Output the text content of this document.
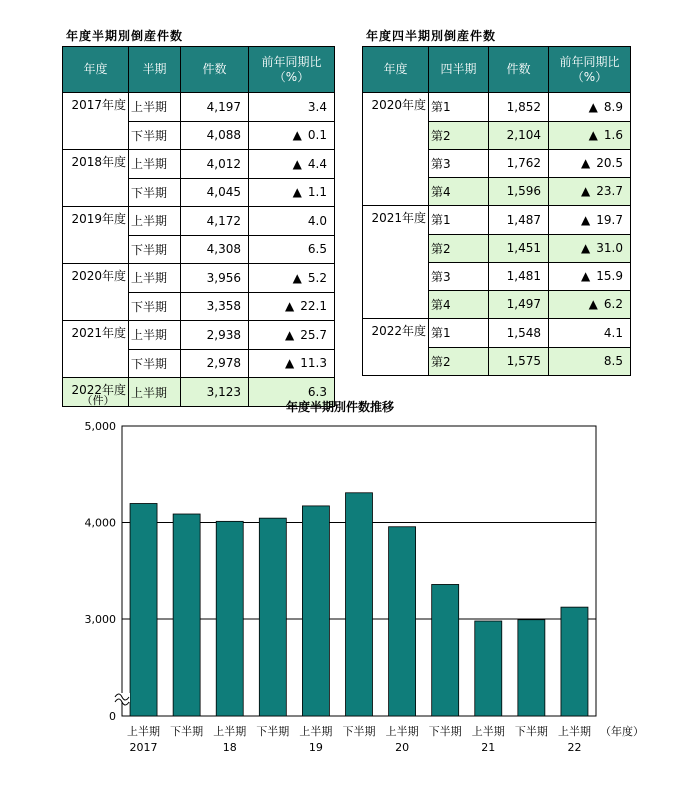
年度半期別倒産件数
年度	半期	件数	前年同期比
（%）
2017年度	上半期	4,197	3.4
	下半期	4,088	▲ 0.1
2018年度	上半期	4,012	▲ 4.4
	下半期	4,045	▲ 1.1
2019年度	上半期	4,172	4.0
	下半期	4,308	6.5
2020年度	上半期	3,956	▲ 5.2
	下半期	3,358	▲ 22.1
2021年度	上半期	2,938	▲ 25.7
	下半期	2,978	▲ 11.3
2022年度	上半期	3,123	6.3
年度四半期別倒産件数
年度	四半期	件数	前年同期比
（%）
2020年度	第1	1,852	▲ 8.9
	第2	2,104	▲ 1.6
	第3	1,762	▲ 20.5
	第4	1,596	▲ 23.7
2021年度	第1	1,487	▲ 19.7
	第2	1,451	▲ 31.0
	第3	1,481	▲ 15.9
	第4	1,497	▲ 6.2
2022年度	第1	1,548	4.1
	第2	1,575	8.5
0
3,000
4,000
5,000
上半期
2017
下半期 上半期
18
下半期 上半期
19
下半期 上半期
20
下半期 上半期
21
下半期 上半期
22
年度半期別件数推移
（件）
（年度）
